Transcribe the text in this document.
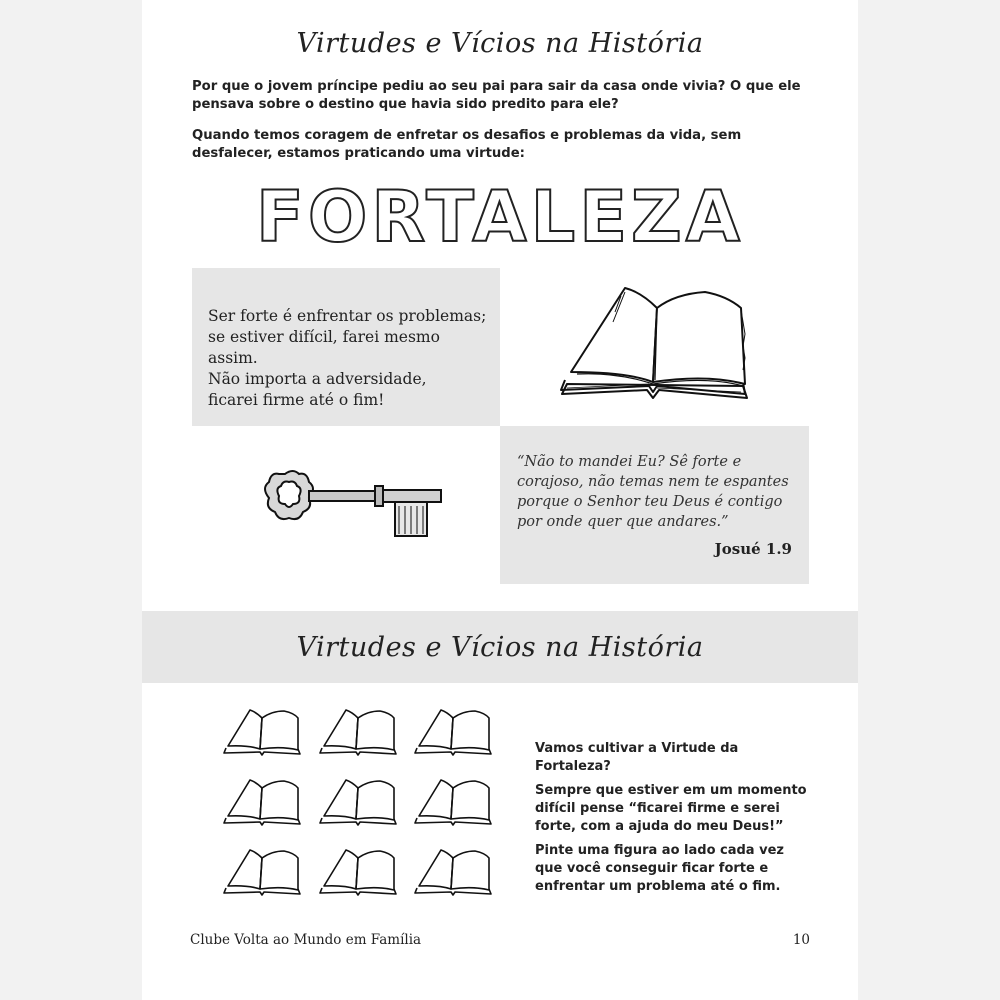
Virtudes e Vícios na História
Por que o jovem príncipe pediu ao seu pai para sair da casa onde vivia? O que ele pensava sobre o destino que havia sido predito para ele?
Quando temos coragem de enfretar os desafios e problemas da vida, sem desfalecer, estamos praticando uma virtude:
FORTALEZA
Ser forte é enfrentar os problemas;
se estiver difícil, farei mesmo assim.
Não importa a adversidade,
ficarei firme até o fim!
“Não to mandei Eu? Sê forte e corajoso, não temas nem te espantes porque o Senhor teu Deus é contigo por onde quer que andares.”
Josué 1.9
Virtudes e Vícios na História
Vamos cultivar a Virtude da Fortaleza?
Sempre que estiver em um momento difícil pense “ficarei firme e serei forte, com a ajuda do meu Deus!”
Pinte uma figura ao lado cada vez que você conseguir ficar forte e enfrentar um problema até o fim.
Clube Volta ao Mundo em Família	10
